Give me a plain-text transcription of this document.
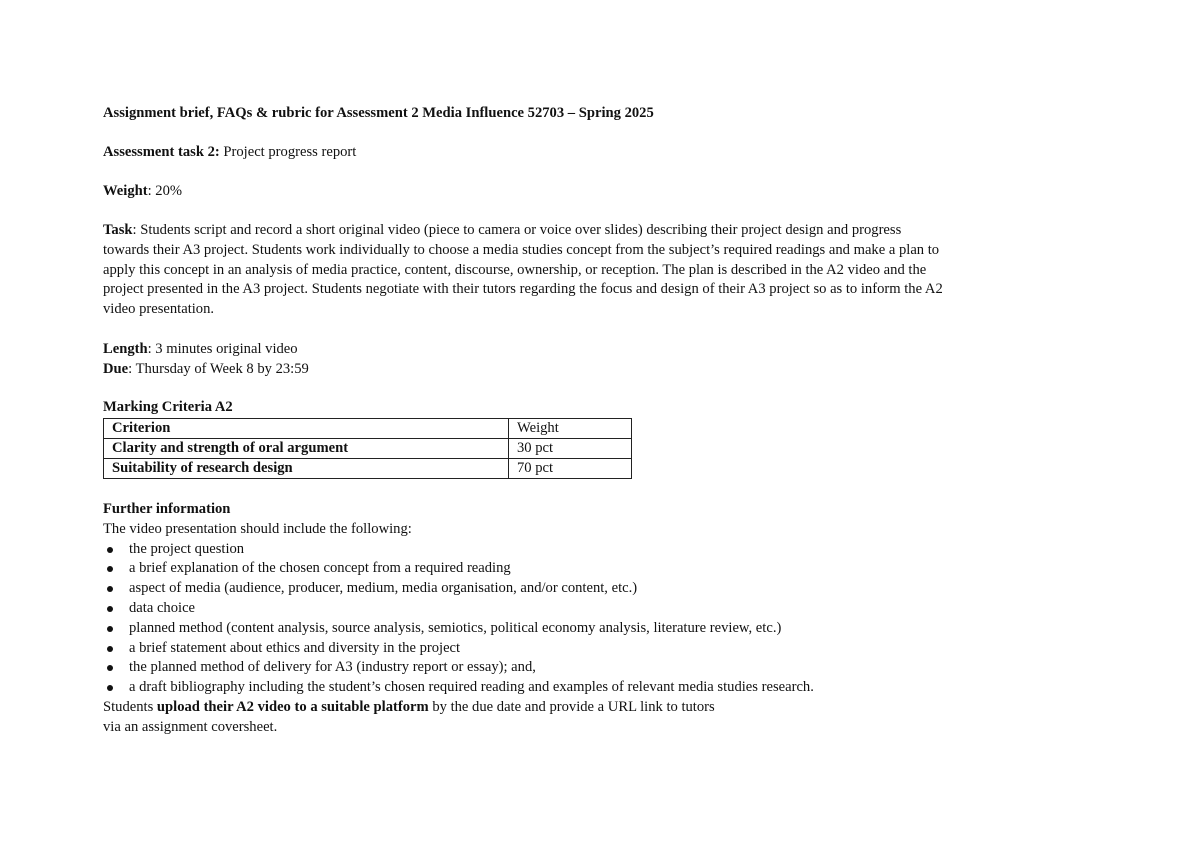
Assignment brief, FAQs & rubric for Assessment 2 Media Influence 52703 – Spring 2025
Assessment task 2: Project progress report
Weight: 20%
Task: Students script and record a short original video (piece to camera or voice over slides) describing their project design and progress
towards their A3 project. Students work individually to choose a media studies concept from the subject’s required readings and make a plan to
apply this concept in an analysis of media practice, content, discourse, ownership, or reception. The plan is described in the A2 video and the
project presented in the A3 project. Students negotiate with their tutors regarding the focus and design of their A3 project so as to inform the A2
video presentation.
Length: 3 minutes original video
Due: Thursday of Week 8 by 23:59
Marking Criteria A2
Criterion	Weight
Clarity and strength of oral argument	30 pct
Suitability of research design	70 pct
Further information
The video presentation should include the following:
the project question
a brief explanation of the chosen concept from a required reading
aspect of media (audience, producer, medium, media organisation, and/or content, etc.)
data choice
planned method (content analysis, source analysis, semiotics, political economy analysis, literature review, etc.)
a brief statement about ethics and diversity in the project
the planned method of delivery for A3 (industry report or essay); and,
a draft bibliography including the student’s chosen required reading and examples of relevant media studies research.
Students upload their A2 video to a suitable platform by the due date and provide a URL link to tutors
via an assignment coversheet.
